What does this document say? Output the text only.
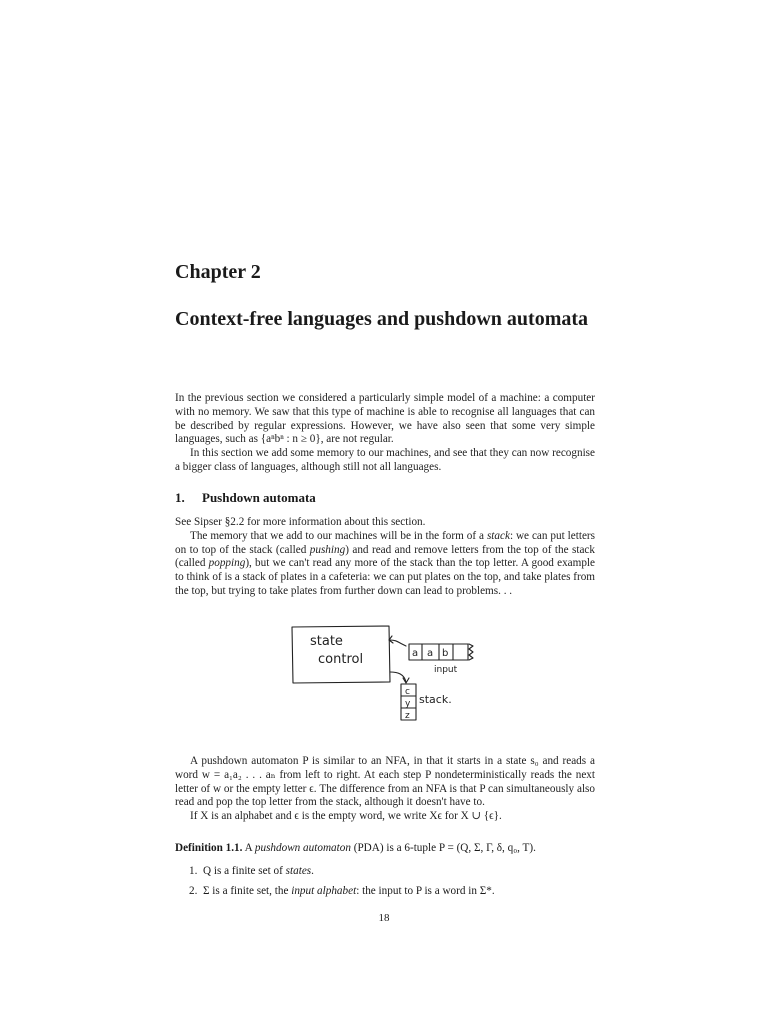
Chapter 2
Context-free languages and pushdown automata

In the previous section we considered a particularly simple model of a machine: a computer with no memory. We saw that this type of machine is able to recognise all languages that can be described by regular expressions. However, we have also seen that some very simple languages, such as {aⁿbⁿ : n ≥ 0}, are not regular.

In this section we add some memory to our machines, and see that they can now recognise a bigger class of languages, although still not all languages.

1. Pushdown automata

See Sipser §2.2 for more information about this section.

The memory that we add to our machines will be in the form of a stack: we can put letters on to top of the stack (called pushing) and read and remove letters from the top of the stack (called popping), but we can't read any more of the stack than the top letter. A good example to think of is a stack of plates in a cafeteria: we can put plates on the top, and take plates from the top, but trying to take plates from further down can lead to problems. . .

state
control	a a b
input
c
y
z
stack.

A pushdown automaton P is similar to an NFA, in that it starts in a state s₀ and reads a word w = a₁a₂ . . . aₙ from left to right. At each step P nondeterministically reads the next letter of w or the empty letter ϵ. The difference from an NFA is that P can simultaneously also read and pop the top letter from the stack, although it doesn't have to.

If X is an alphabet and ϵ is the empty word, we write Xϵ for X ∪ {ϵ}.

Definition 1.1. A pushdown automaton (PDA) is a 6-tuple P = (Q, Σ, Γ, δ, q₀, T).

1. Q is a finite set of states.

2. Σ is a finite set, the input alphabet: the input to P is a word in Σ*.

18
